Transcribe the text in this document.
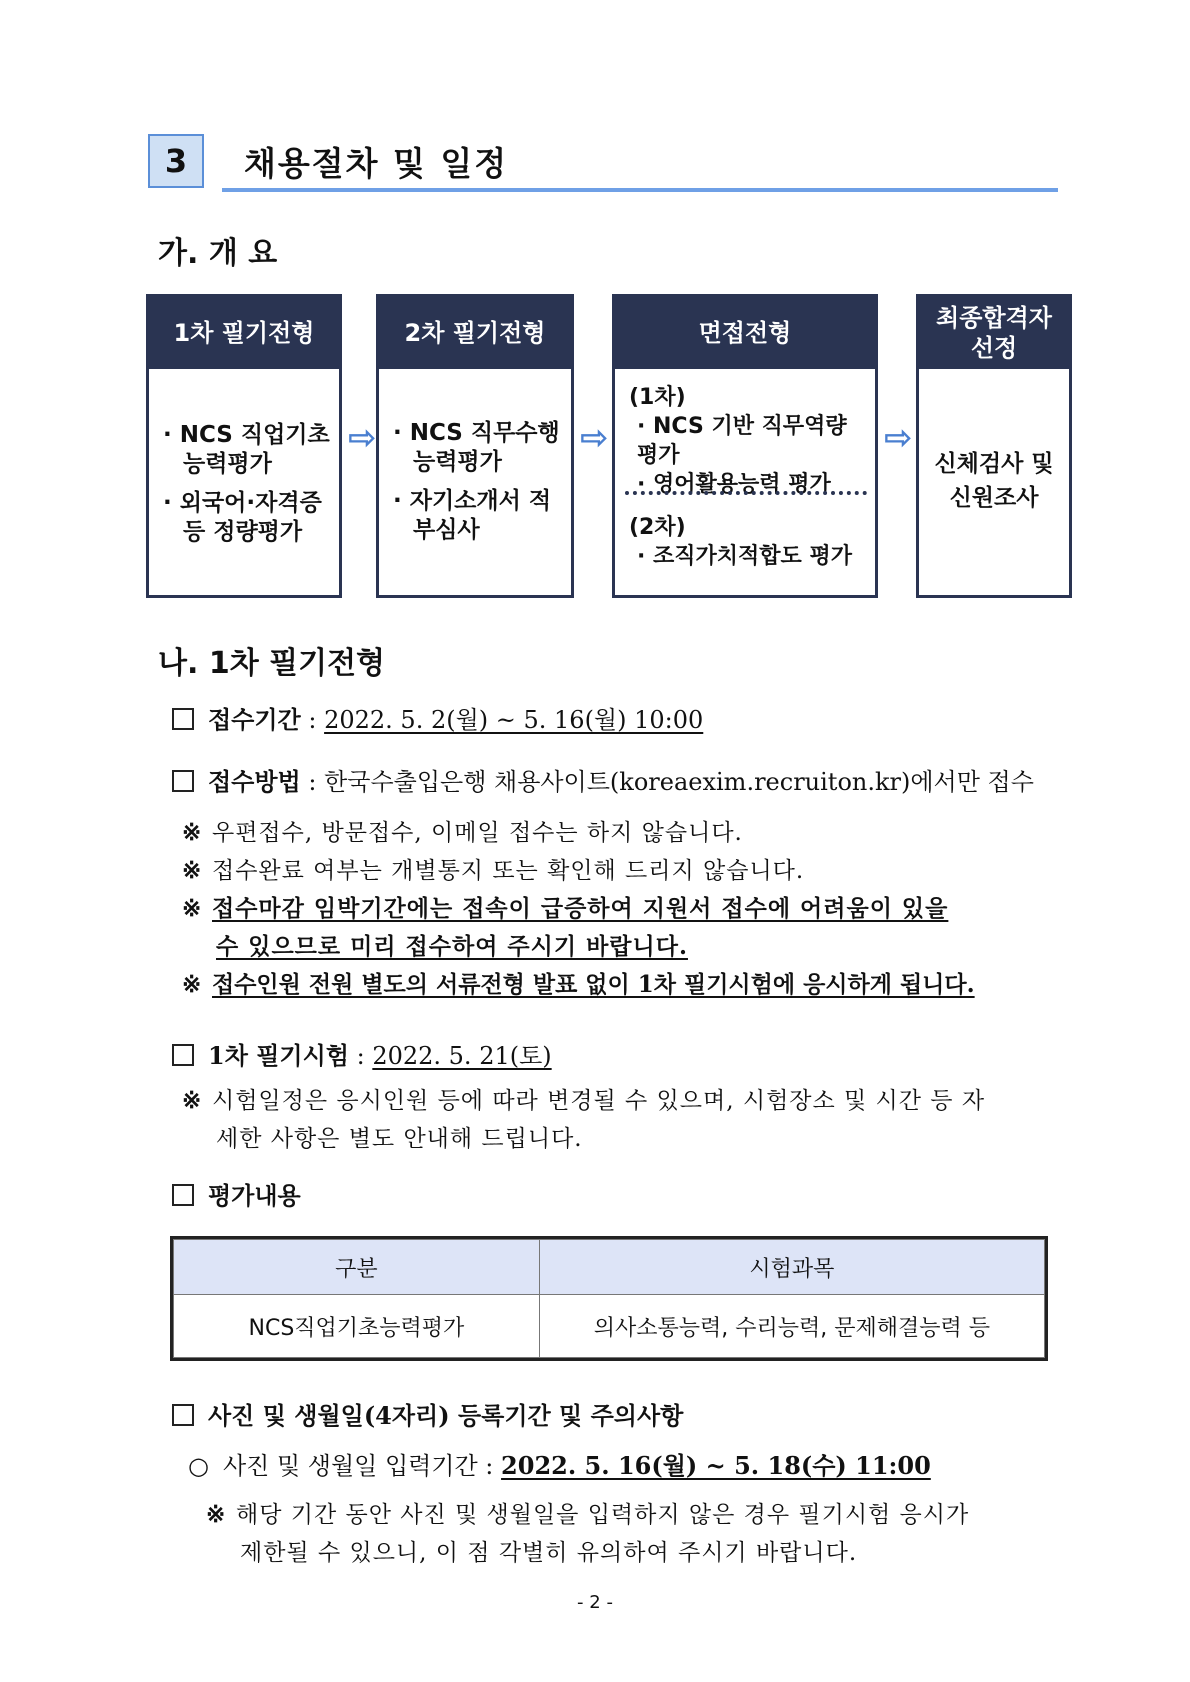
3	채용절차 및 일정
가. 개 요
1차 필기전형

· NCS 직업기초 능력평가

· 외국어·자격증 등 정량평가

⇨
2차 필기전형

· NCS 직무수행 능력평가

· 자기소개서 적부심사

⇨
면접전형

(1차)

· NCS 기반 직무역량평가

· 영어활용능력 평가

(2차)

· 조직가치적합도 평가

⇨
최종합격자 선정
신체검사 및 신원조사
나. 1차 필기전형
접수기간 : 2022. 5. 2(월) ~ 5. 16(월) 10:00
접수방법 : 한국수출입은행 채용사이트(koreaexim.recruiton.kr)에서만 접수
※ 우편접수, 방문접수, 이메일 접수는 하지 않습니다.
※ 접수완료 여부는 개별통지 또는 확인해 드리지 않습니다.
※ 접수마감 임박기간에는 접속이 급증하여 지원서 접수에 어려움이 있을
수 있으므로 미리 접수하여 주시기 바랍니다.
※ 접수인원 전원 별도의 서류전형 발표 없이 1차 필기시험에 응시하게 됩니다.
1차 필기시험 : 2022. 5. 21(토)
※ 시험일정은 응시인원 등에 따라 변경될 수 있으며, 시험장소 및 시간 등 자
세한 사항은 별도 안내해 드립니다.
평가내용
구분	시험과목
NCS직업기초능력평가	의사소통능력, 수리능력, 문제해결능력 등
사진 및 생월일(4자리) 등록기간 및 주의사항
○ 사진 및 생월일 입력기간 : 2022. 5. 16(월) ~ 5. 18(수) 11:00
※ 해당 기간 동안 사진 및 생월일을 입력하지 않은 경우 필기시험 응시가
제한될 수 있으니, 이 점 각별히 유의하여 주시기 바랍니다.
- 2 -
